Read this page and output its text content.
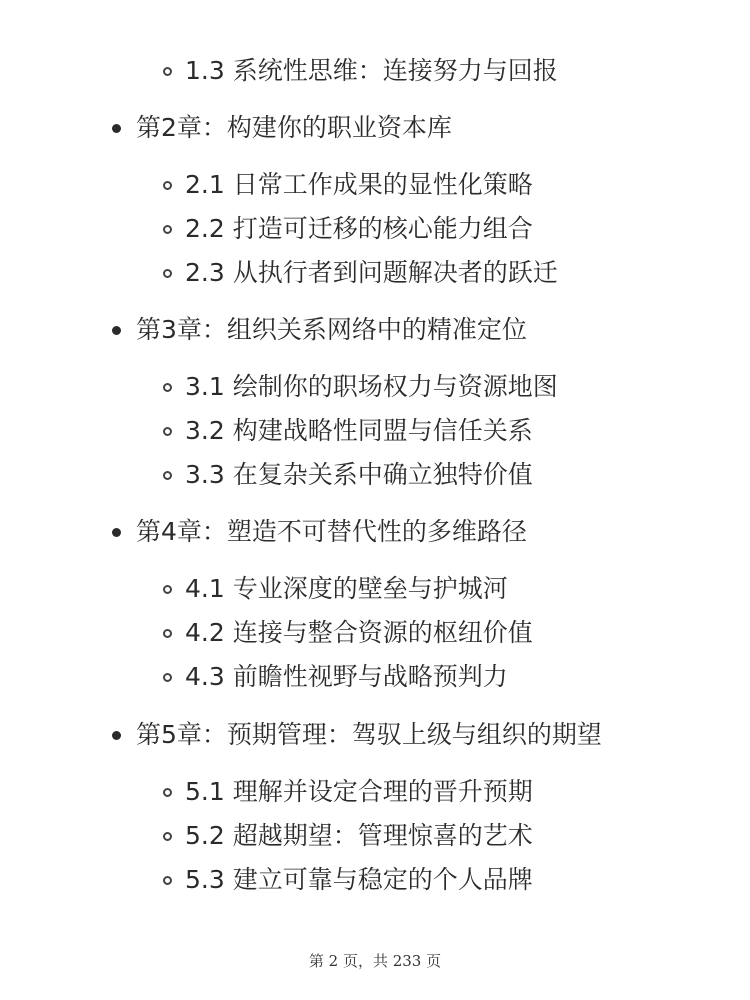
1.3 系统性思维：连接努力与回报
第2章：构建你的职业资本库
2.1 日常工作成果的显性化策略
2.2 打造可迁移的核心能力组合
2.3 从执行者到问题解决者的跃迁
第3章：组织关系网络中的精准定位
3.1 绘制你的职场权力与资源地图
3.2 构建战略性同盟与信任关系
3.3 在复杂关系中确立独特价值
第4章：塑造不可替代性的多维路径
4.1 专业深度的壁垒与护城河
4.2 连接与整合资源的枢纽价值
4.3 前瞻性视野与战略预判力
第5章：预期管理：驾驭上级与组织的期望
5.1 理解并设定合理的晋升预期
5.2 超越期望：管理惊喜的艺术
5.3 建立可靠与稳定的个人品牌
第 2 页，共 233 页
